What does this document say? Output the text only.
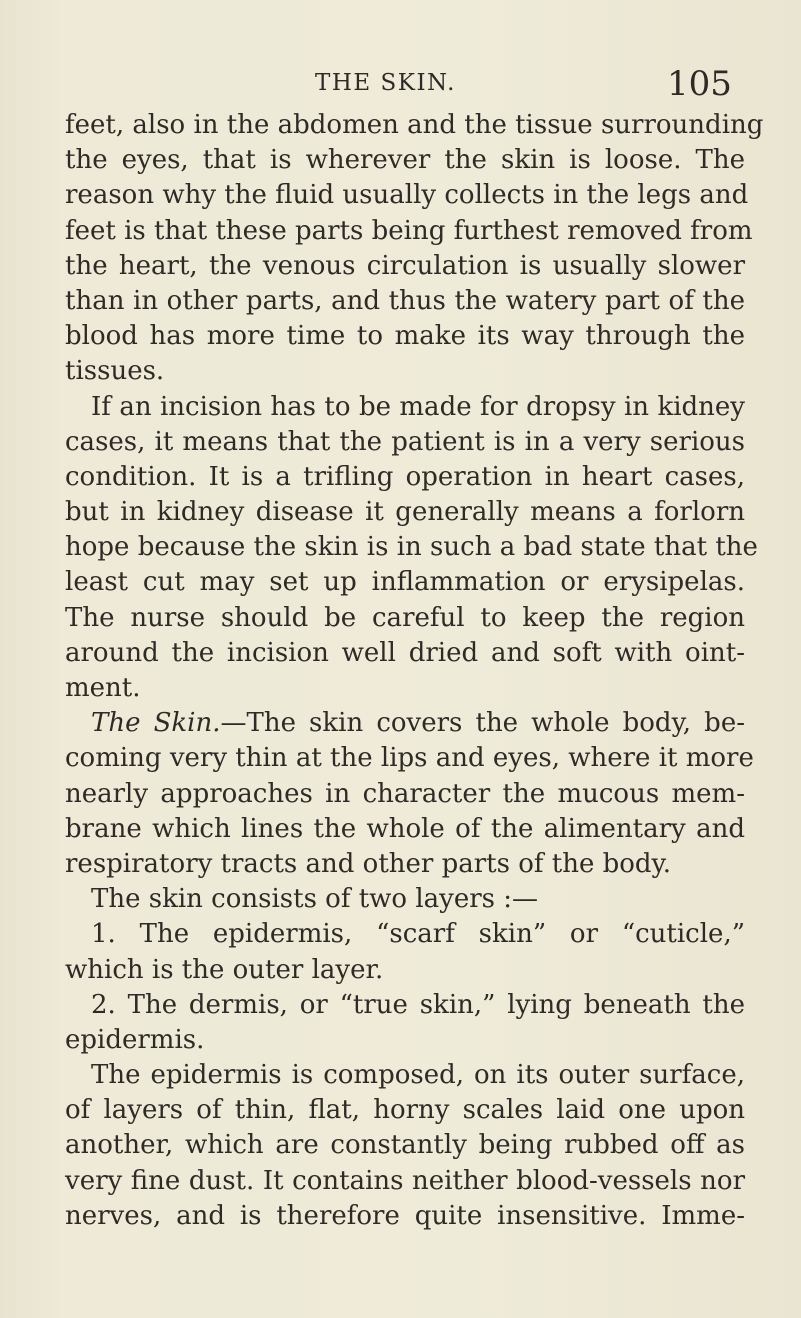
THE SKIN.	105
feet, also in the abdomen and the tissue surrounding
the eyes, that is wherever the skin is loose. The
reason why the fluid usually collects in the legs and
feet is that these parts being furthest removed from
the heart, the venous circulation is usually slower
than in other parts, and thus the watery part of the
blood has more time to make its way through the
tissues.
If an incision has to be made for dropsy in kidney
cases, it means that the patient is in a very serious
condition. It is a trifling operation in heart cases,
but in kidney disease it generally means a forlorn
hope because the skin is in such a bad state that the
least cut may set up inflammation or erysipelas.
The nurse should be careful to keep the region
around the incision well dried and soft with oint-
ment.
The Skin.—The skin covers the whole body, be-
coming very thin at the lips and eyes, where it more
nearly approaches in character the mucous mem-
brane which lines the whole of the alimentary and
respiratory tracts and other parts of the body.
The skin consists of two layers :—
1. The epidermis, “scarf skin” or “cuticle,”
which is the outer layer.
2. The dermis, or “true skin,” lying beneath the
epidermis.
The epidermis is composed, on its outer surface,
of layers of thin, flat, horny scales laid one upon
another, which are constantly being rubbed off as
very fine dust. It contains neither blood-vessels nor
nerves, and is therefore quite insensitive. Imme-
